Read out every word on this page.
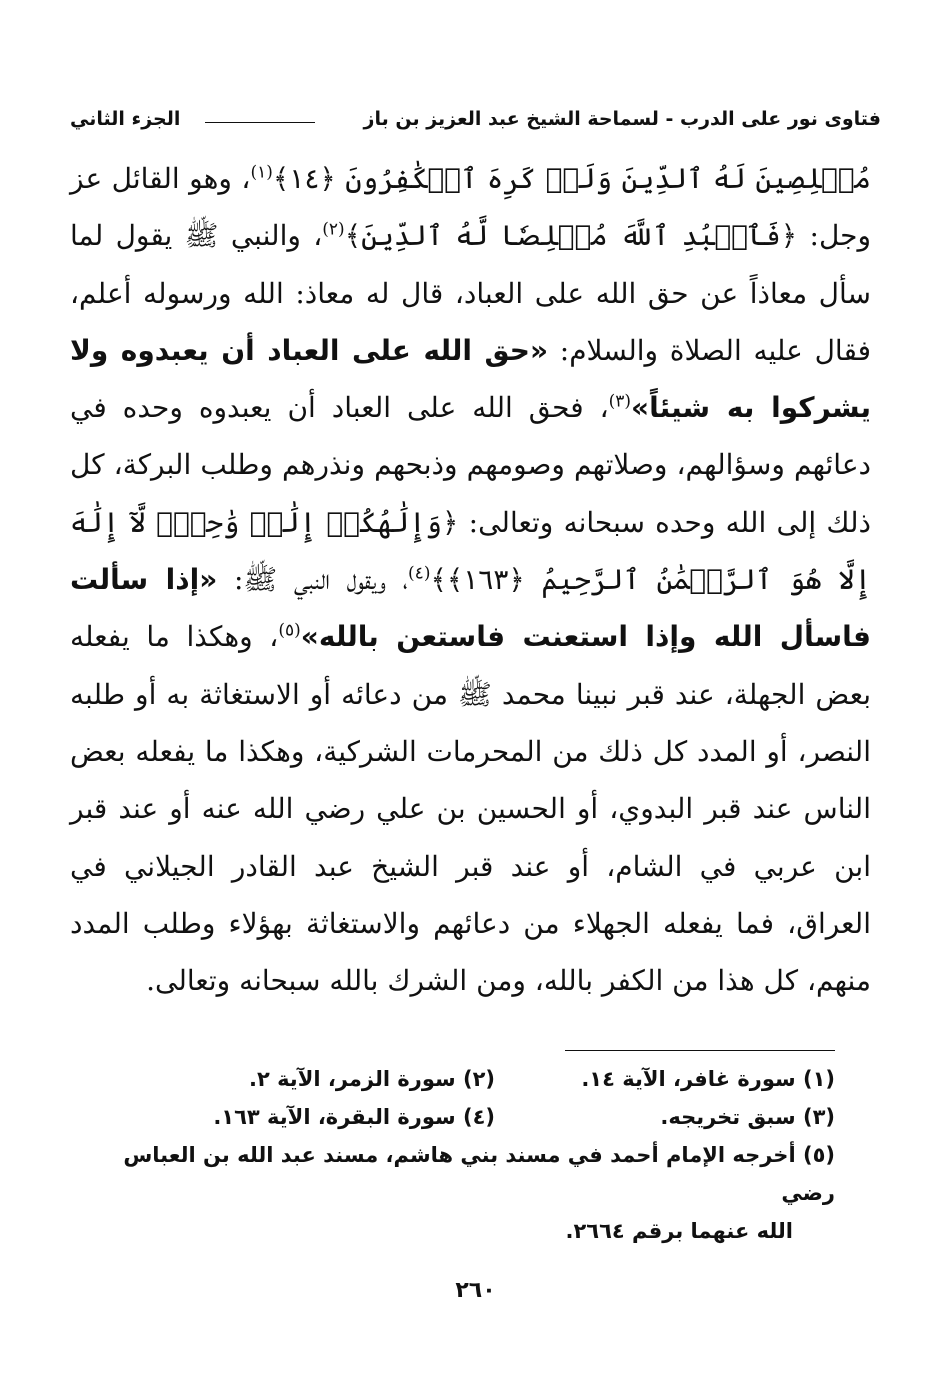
فتاوى نور على الدرب - لسماحة الشيخ عبد العزيز بن باز
الجزء الثاني

مُخۡلِصِينَ لَهُ ٱلدِّينَ وَلَوۡ كَرِهَ ٱلۡكَٰفِرُونَ ﴿١٤﴾$^{(١)}$، وهو القائل عز وجل: ﴿فَٱعۡبُدِ ٱللَّهَ مُخۡلِصٗا لَّهُ ٱلدِّينَ﴾$^{(٢)}$، والنبي ﷺ يقول لما سأل معاذاً عن حق الله على العباد، قال له معاذ: الله ورسوله أعلم، فقال عليه الصلاة والسلام: «حق الله على العباد أن يعبدوه ولا يشركوا به شيئاً»$^{(٣)}$، فحق الله على العباد أن يعبدوه وحده في دعائهم وسؤالهم، وصلاتهم وصومهم وذبحهم ونذرهم وطلب البركة، كل ذلك إلى الله وحده سبحانه وتعالى: ﴿وَإِلَٰهُكُمۡ إِلَٰهٞ وَٰحِدٞۖ لَّآ إِلَٰهَ إِلَّا هُوَ ٱلرَّحۡمَٰنُ ٱلرَّحِيمُ ﴿١٦٣﴾﴾$^{(٤)}$، ويقول النبي ﷺ: «إذا سألت فاسأل الله وإذا استعنت فاستعن بالله»$^{(٥)}$، وهكذا ما يفعله بعض الجهلة، عند قبر نبينا محمد ﷺ من دعائه أو الاستغاثة به أو طلبه النصر، أو المدد كل ذلك من المحرمات الشركية، وهكذا ما يفعله بعض الناس عند قبر البدوي، أو الحسين بن علي رضي الله عنه أو عند قبر ابن عربي في الشام، أو عند قبر الشيخ عبد القادر الجيلاني في العراق، فما يفعله الجهلاء من دعائهم والاستغاثة بهؤلاء وطلب المدد منهم، كل هذا من الكفر بالله، ومن الشرك بالله سبحانه وتعالى.

(١) سورة غافر، الآية ١٤.
(٢) سورة الزمر، الآية ٢.
(٣) سبق تخريجه.
(٤) سورة البقرة، الآية ١٦٣.
(٥) أخرجه الإمام أحمد في مسند بني هاشم، مسند عبد الله بن العباس رضي
الله عنهما برقم ٢٦٦٤.
٢٦٠
